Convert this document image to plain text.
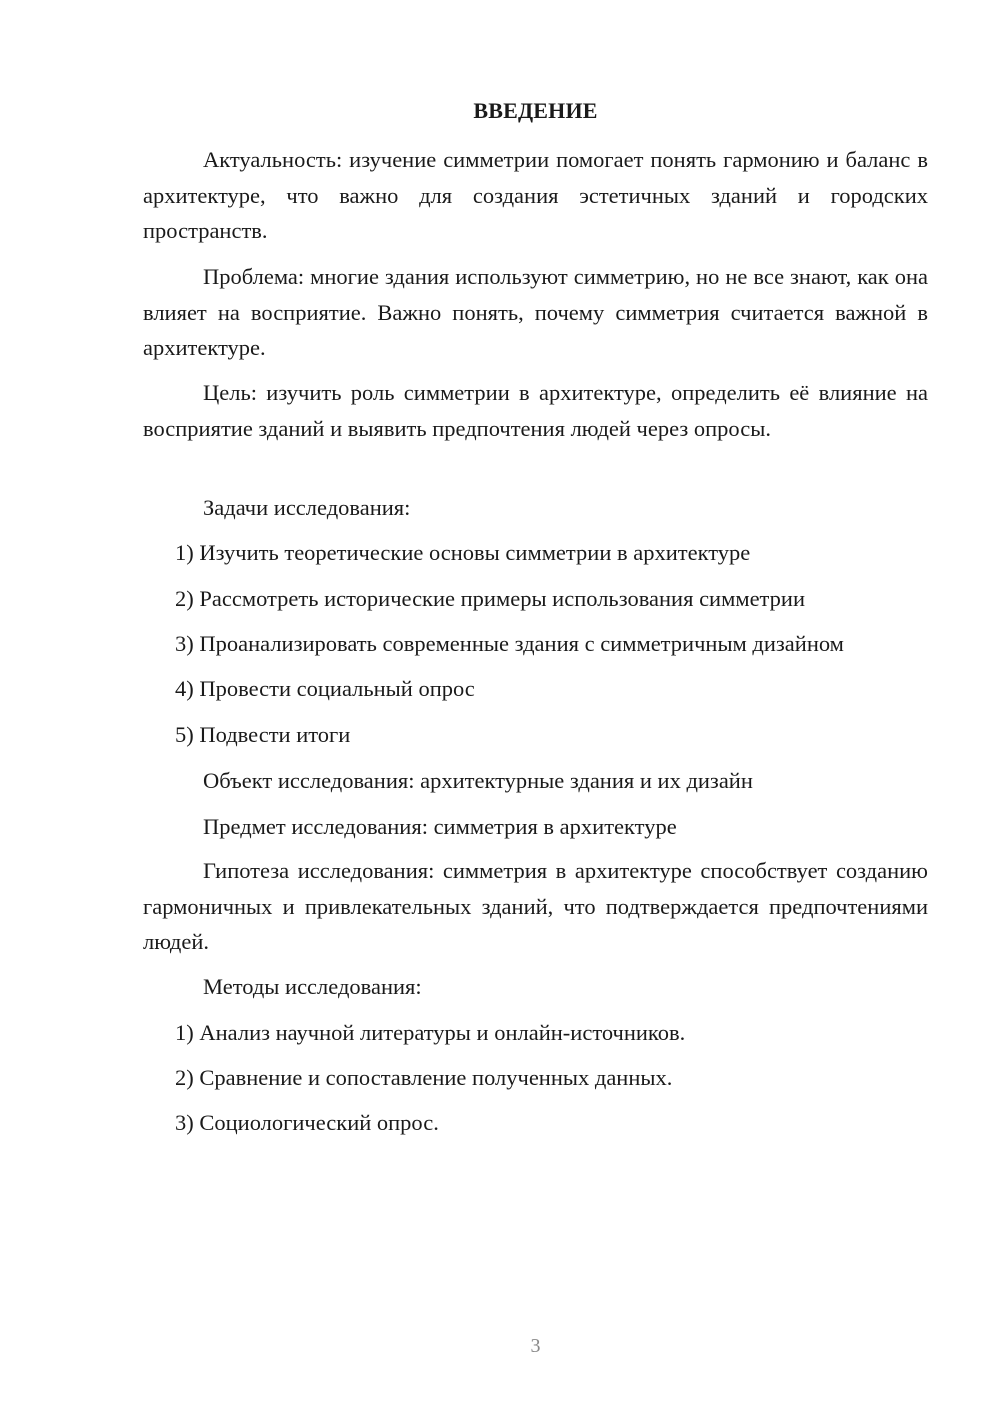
ВВЕДЕНИЕ

Актуальность: изучение симметрии помогает понять гармонию и баланс в архитектуре, что важно для создания эстетичных зданий и городских пространств.

Проблема: многие здания используют симметрию, но не все знают, как она влияет на восприятие. Важно понять, почему симметрия считается важной в архитектуре.

Цель: изучить роль симметрии в архитектуре, определить её влияние на восприятие зданий и выявить предпочтения людей через опросы.

Задачи исследования:
1) Изучить теоретические основы симметрии в архитектуре
2) Рассмотреть исторические примеры использования симметрии
3) Проанализировать современные здания с симметричным дизайном
4) Провести социальный опрос
5) Подвести итоги
Объект исследования: архитектурные здания и их дизайн
Предмет исследования: симметрия в архитектуре

Гипотеза исследования: симметрия в архитектуре способствует созданию гармоничных и привлекательных зданий, что подтверждается предпочтениями людей.

Методы исследования:
1) Анализ научной литературы и онлайн-источников.
2) Сравнение и сопоставление полученных данных.
3) Социологический опрос.
3
